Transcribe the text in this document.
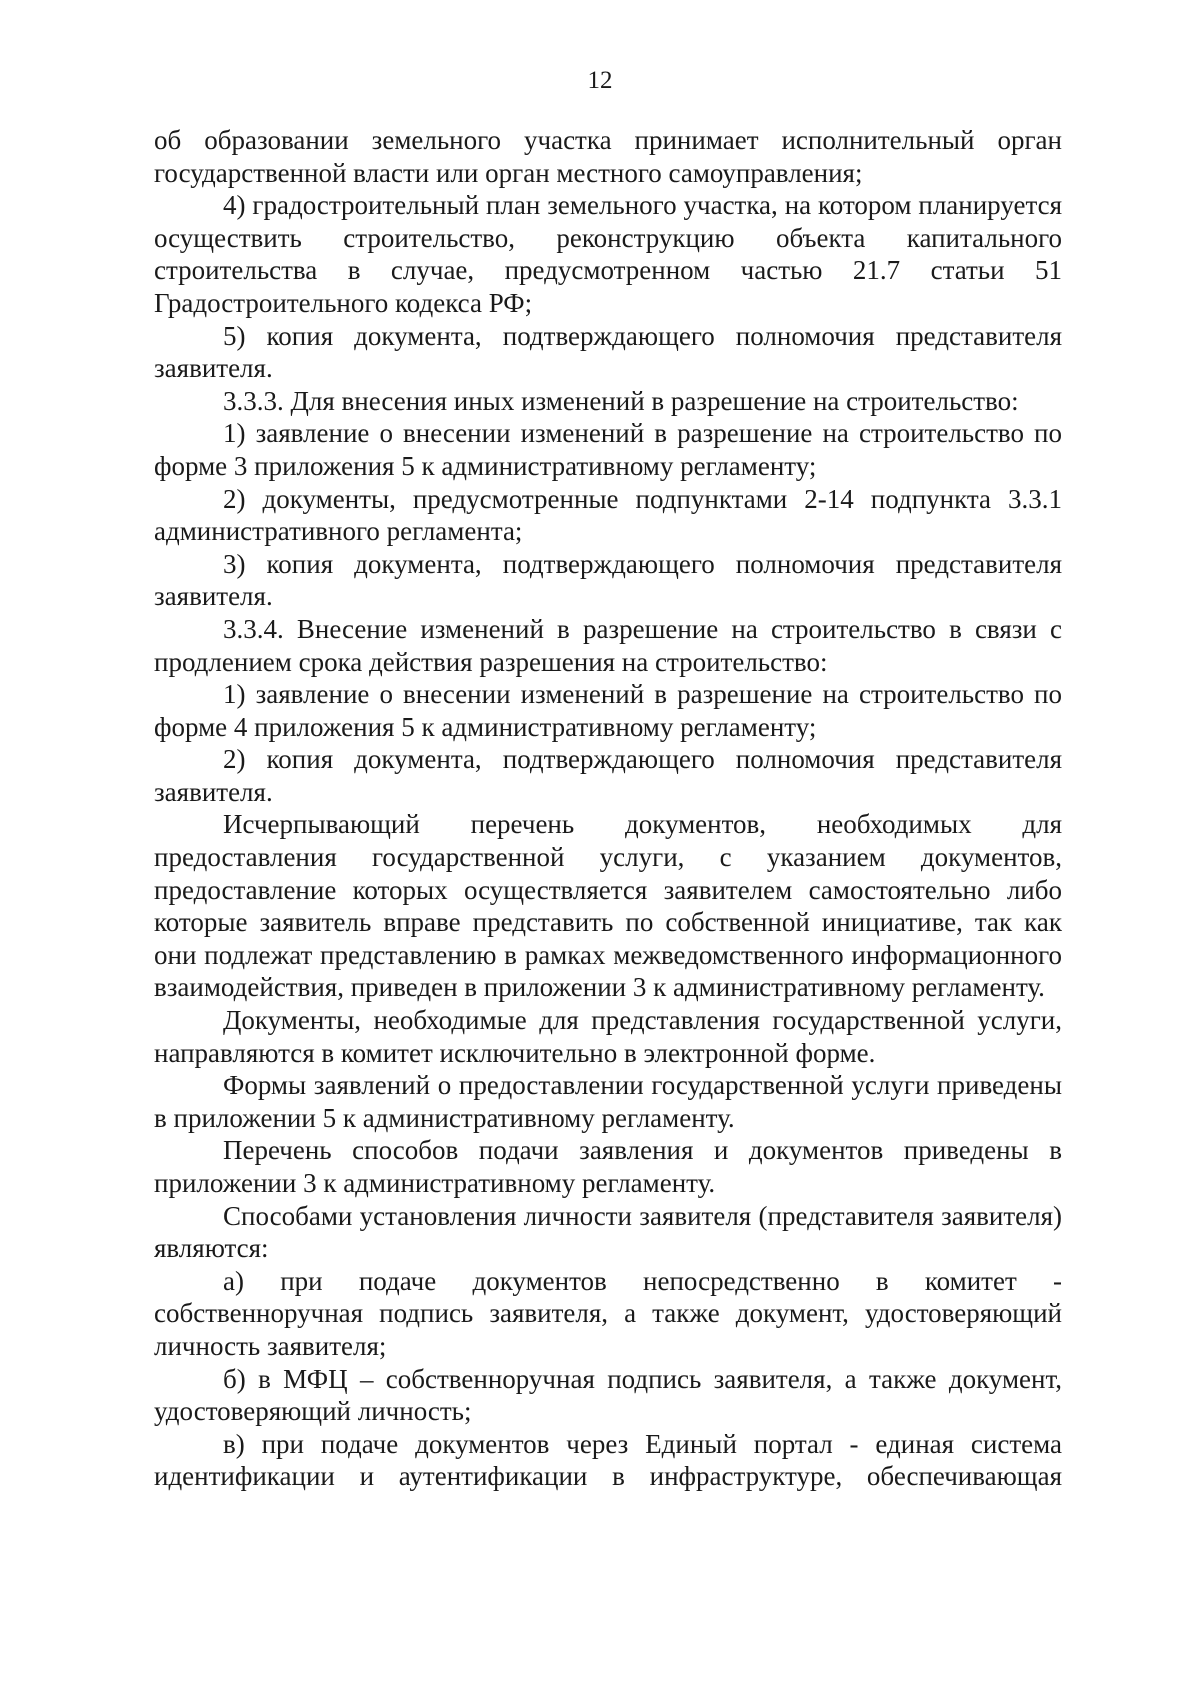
12

об образовании земельного участка принимает исполнительный орган государственной власти или орган местного самоуправления;

4) градостроительный план земельного участка, на котором планируется осуществить строительство, реконструкцию объекта капитального строительства в случае, предусмотренном частью 21.7 статьи 51 Градостроительного кодекса РФ;

5) копия документа, подтверждающего полномочия представителя заявителя.

3.3.3. Для внесения иных изменений в разрешение на строительство:

1) заявление о внесении изменений в разрешение на строительство по форме 3 приложения 5 к административному регламенту;

2) документы, предусмотренные подпунктами 2-14 подпункта 3.3.1 административного регламента;

3) копия документа, подтверждающего полномочия представителя заявителя.

3.3.4. Внесение изменений в разрешение на строительство в связи с продлением срока действия разрешения на строительство:

1) заявление о внесении изменений в разрешение на строительство по форме 4 приложения 5 к административному регламенту;

2) копия документа, подтверждающего полномочия представителя заявителя.

Исчерпывающий перечень документов, необходимых для предоставления государственной услуги, с указанием документов, предоставление которых осуществляется заявителем самостоятельно либо которые заявитель вправе представить по собственной инициативе, так как они подлежат представлению в рамках межведомственного информационного взаимодействия, приведен в приложении 3 к административному регламенту.

Документы, необходимые для представления государственной услуги, направляются в комитет исключительно в электронной форме.

Формы заявлений о предоставлении государственной услуги приведены в приложении 5 к административному регламенту.

Перечень способов подачи заявления и документов приведены в приложении 3 к административному регламенту.

Способами установления личности заявителя (представителя заявителя) являются:

а) при подаче документов непосредственно в комитет - собственноручная подпись заявителя, а также документ, удостоверяющий личность заявителя;

б) в МФЦ – собственноручная подпись заявителя, а также документ, удостоверяющий личность;

в) при подаче документов через Единый портал - единая система идентификации и аутентификации в инфраструктуре, обеспечивающая
